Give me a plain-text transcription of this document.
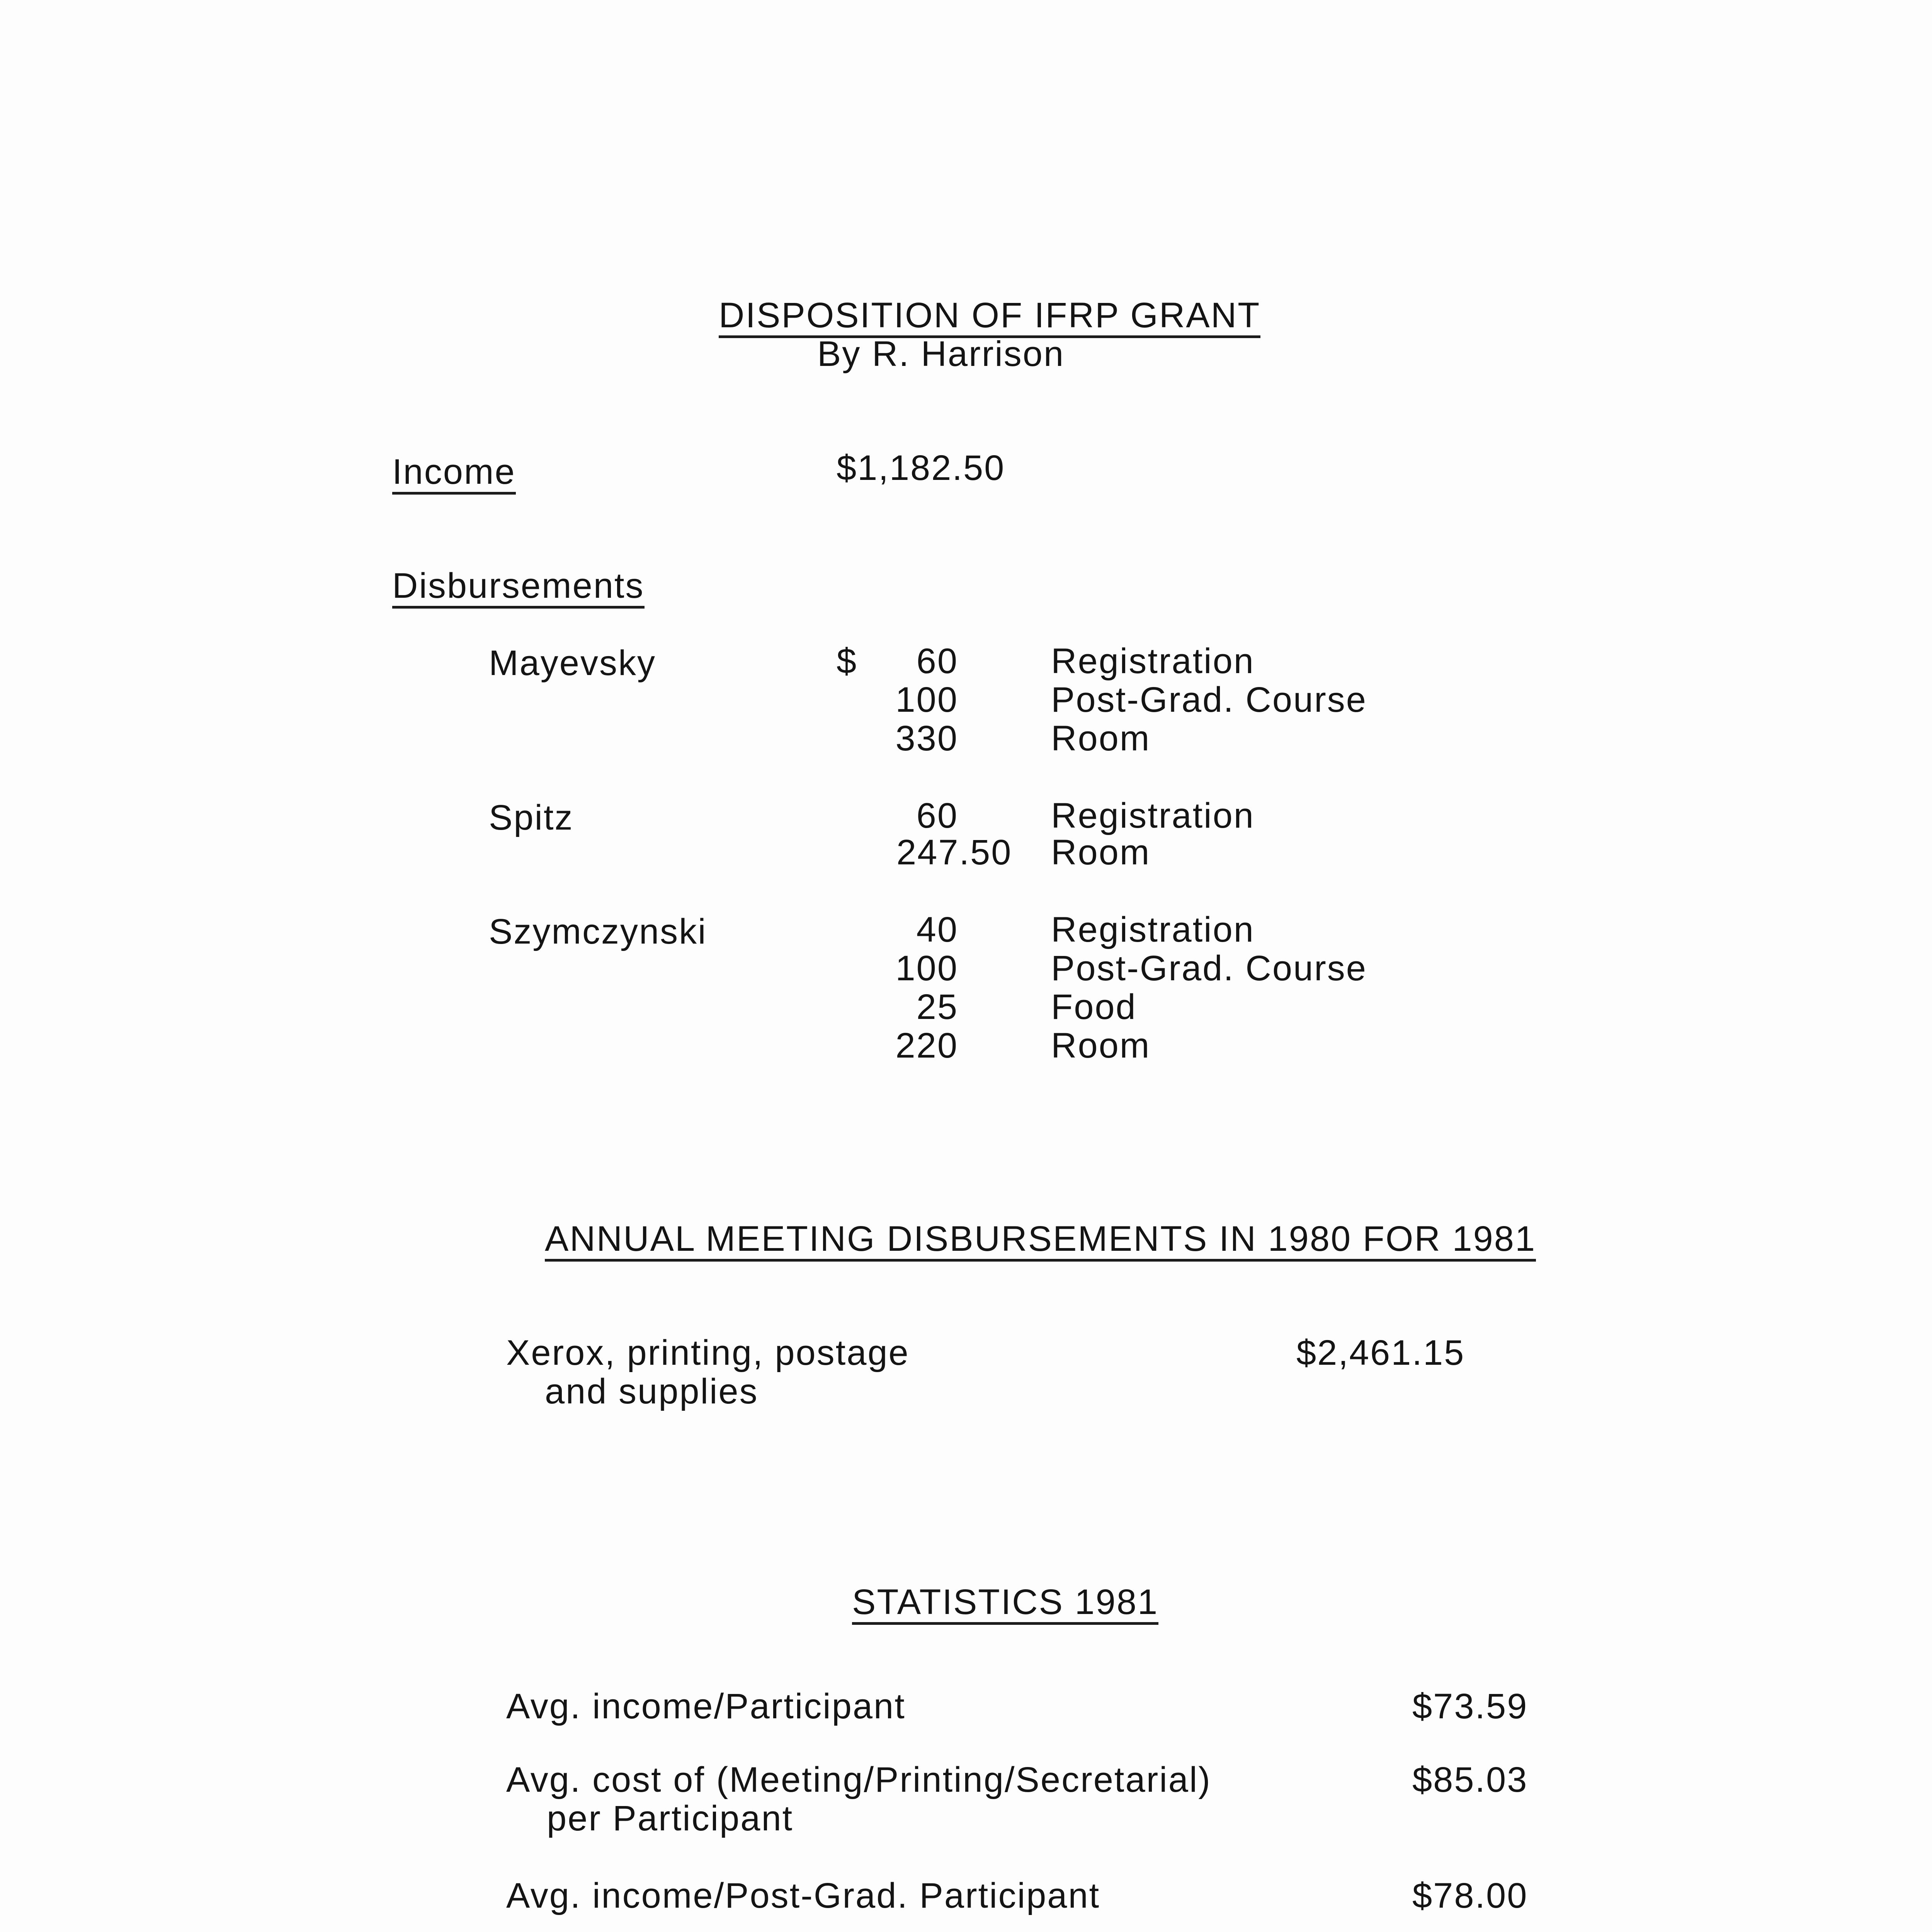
DISPOSITION OF IFRP GRANT
By R. Harrison
Income	$1,182.50
Disbursements
Mayevsky	$ 60	Registration
100	Post-Grad. Course
330	Room
Spitz	60	Registration
247.50 Room
Szymczynski	40	Registration
100	Post-Grad. Course
25	Food
220	Room
ANNUAL MEETING DISBURSEMENTS IN 1980 FOR 1981
Xerox, printing, postage
and supplies
$2,461.15
STATISTICS 1981
Avg. income/Participant	$73.59
Avg. cost of (Meeting/Printing/Secretarial)
per Participant
$85.03
Avg. income/Post-Grad. Participant	$78.00
